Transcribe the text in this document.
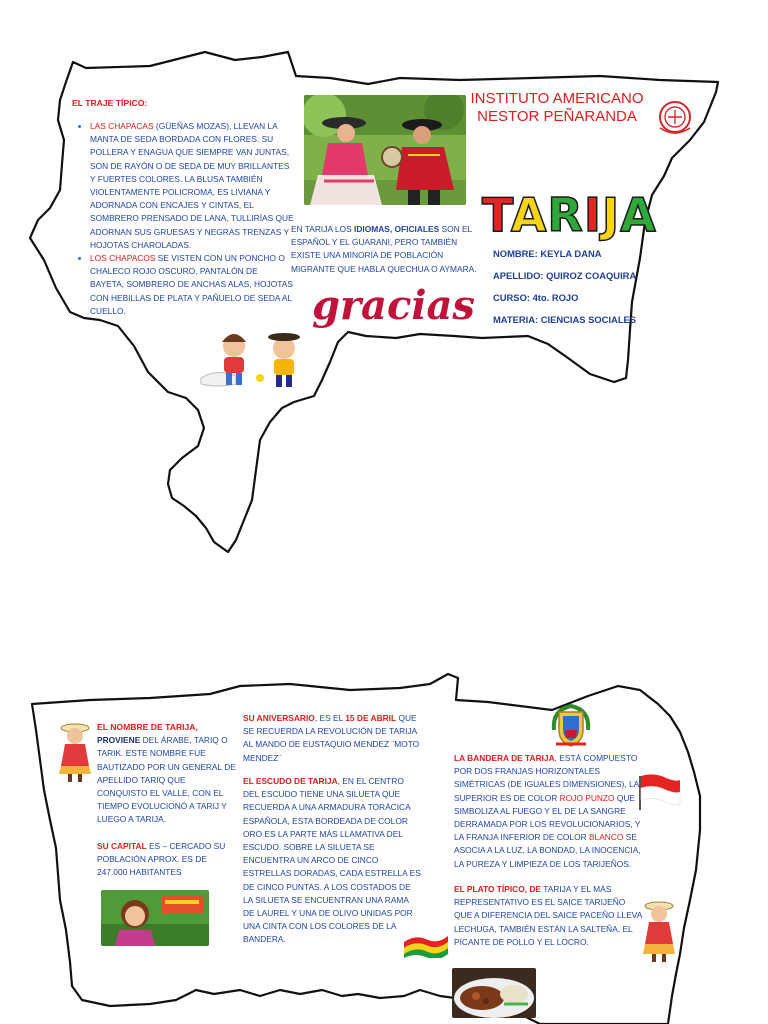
EL TRAJE TÍPICO:
• LAS CHAPACAS (GÜEÑAS MOZAS), LLEVAN LA MANTA DE SEDA BORDADA CON FLORES. SU POLLERA Y ENAGUA QUE SIEMPRE VAN JUNTAS, SON DE RAYÓN O DE SEDA DE MUY BRILLANTES Y FUERTES COLORES. LA BLUSA TAMBIÉN VIOLENTAMENTE POLICROMA, ES LIVIANA Y ADORNADA CON ENCAJES Y CINTAS, EL SOMBRERO PRENSADO DE LANA, TULLIRÍAS QUE ADORNAN SUS GRUESAS Y NEGRAS TRENZAS Y HOJOTAS CHAROLADAS.
• LOS CHAPACOS SE VISTEN CON UN PONCHO O CHALECO ROJO OSCURO, PANTALÓN DE BAYETA, SOMBRERO DE ANCHAS ALAS, HOJOTAS CON HEBILLAS DE PLATA Y PAÑUELO DE SEDA AL CUELLO.
EN TARIJA LOS IDIOMAS, OFICIALES SON EL ESPAÑOL Y EL GUARANI, PERO TAMBIÉN EXISTE UNA MINORÍA DE POBLACIÓN MIGRANTE QUE HABLA QUECHUA O AYMARA.
gracias
INSTITUTO AMERICANO
NESTOR PEÑARANDA
TARIJA
NOMBRE: KEYLA DANA
APELLIDO: QUIROZ COAQUIRA
CURSO: 4to. ROJO
MATERIA: CIENCIAS SOCIALES
EL NOMBRE DE TARIJA,
PROVIENE DEL ÁRABE, TARIQ O TARIK. ESTE NOMBRE FUE BAUTIZADO POR UN GENERAL DE APELLIDO TARIQ QUE CONQUISTO EL VALLE, CON EL TIEMPO EVOLUCIONÓ A TARIJ Y LUEGO A TARIJA.
SU CAPITAL ES – CERCADO SU POBLACIÓN APROX. ES DE 247.000 HABITANTES
SU ANIVERSARIO, ES EL 15 DE ABRIL QUE SE RECUERDA LA REVOLUCIÓN DE TARIJA AL MANDO DE EUSTAQUIO MENDEZ ¨MOTO MENDEZ¨
EL ESCUDO DE TARIJA, EN EL CENTRO DEL ESCUDO TIENE UNA SILUETA QUE RECUERDA A UNA ARMADURA TORÁCICA ESPAÑOLA, ESTA BORDEADA DE COLOR ORO ES LA PARTE MÁS LLAMATIVA DEL ESCUDO. SOBRE LA SILUETA SE ENCUENTRA UN ARCO DE CINCO ESTRELLAS DORADAS, CADA ESTRELLA ES DE CINCO PUNTAS. A LOS COSTADOS DE LA SILUETA SE ENCUENTRAN UNA RAMA DE LAUREL Y UNA DE OLIVO UNIDAS POR UNA CINTA CON LOS COLORES DE LA BANDERA.
LA BANDERA DE TARIJA, ESTÁ COMPUESTO POR DOS FRANJAS HORIZONTALES SIMÉTRICAS (DE IGUALES DIMENSIONES), LA SUPERIOR ES DE COLOR ROJO PUNZO QUE SIMBOLIZA AL FUEGO Y EL DE LA SANGRE DERRAMADA POR LOS REVOLUCIONARIOS, Y LA FRANJA INFERIOR DE COLOR BLANCO SE ASOCIA A LA LUZ, LA BONDAD, LA INOCENCIA, LA PUREZA Y LIMPIEZA DE LOS TARIJEÑOS.
EL PLATO TÍPICO, DE TARIJA Y EL MÁS REPRESENTATIVO ES EL SAICE TARIJEÑO QUE A DIFERENCIA DEL SAICE PACEÑO LLEVA LECHUGA, TAMBIÉN ESTÁN LA SALTEÑA, EL PICANTE DE POLLO Y EL LOCRO.
